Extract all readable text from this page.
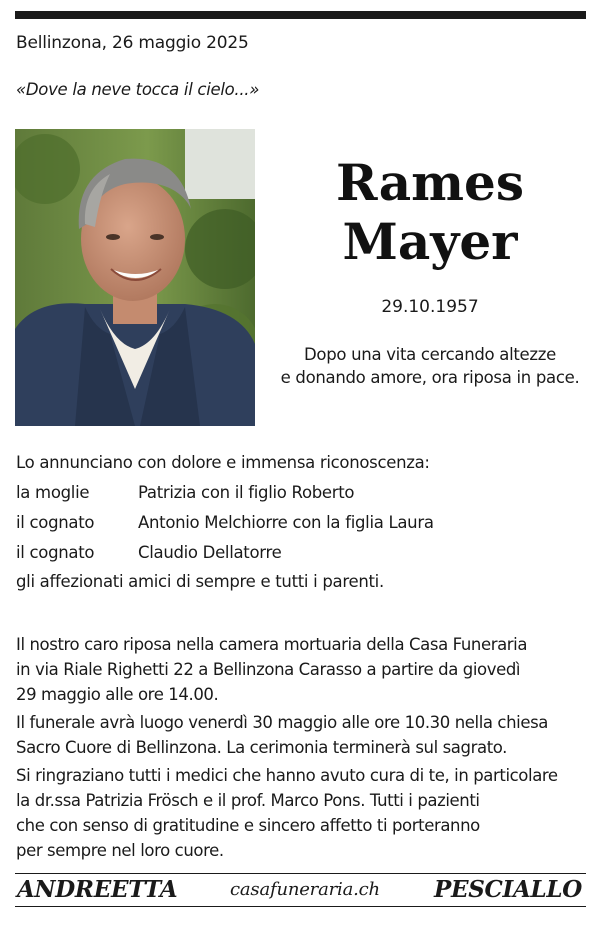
Bellinzona, 26 maggio 2025
«Dove la neve tocca il cielo...»
Rames
Mayer
29.10.1957
Dopo una vita cercando altezze
e donando amore, ora riposa in pace.
Lo annunciano con dolore e immensa riconoscenza:
la moglie	Patrizia con il figlio Roberto
il cognato	Antonio Melchiorre con la figlia Laura
il cognato	Claudio Dellatorre
gli affezionati amici di sempre e tutti i parenti.
Il nostro caro riposa nella camera mortuaria della Casa Funeraria
in via Riale Righetti 22 a Bellinzona Carasso a partire da giovedì
29 maggio alle ore 14.00.
Il funerale avrà luogo venerdì 30 maggio alle ore 10.30 nella chiesa
Sacro Cuore di Bellinzona. La cerimonia terminerà sul sagrato.
Si ringraziano tutti i medici che hanno avuto cura di te, in particolare
la dr.ssa Patrizia Frösch e il prof. Marco Pons. Tutti i pazienti
che con senso di gratitudine e sincero affetto ti porteranno
per sempre nel loro cuore.
ANDREETTA	casafuneraria.ch PESCIALLO
